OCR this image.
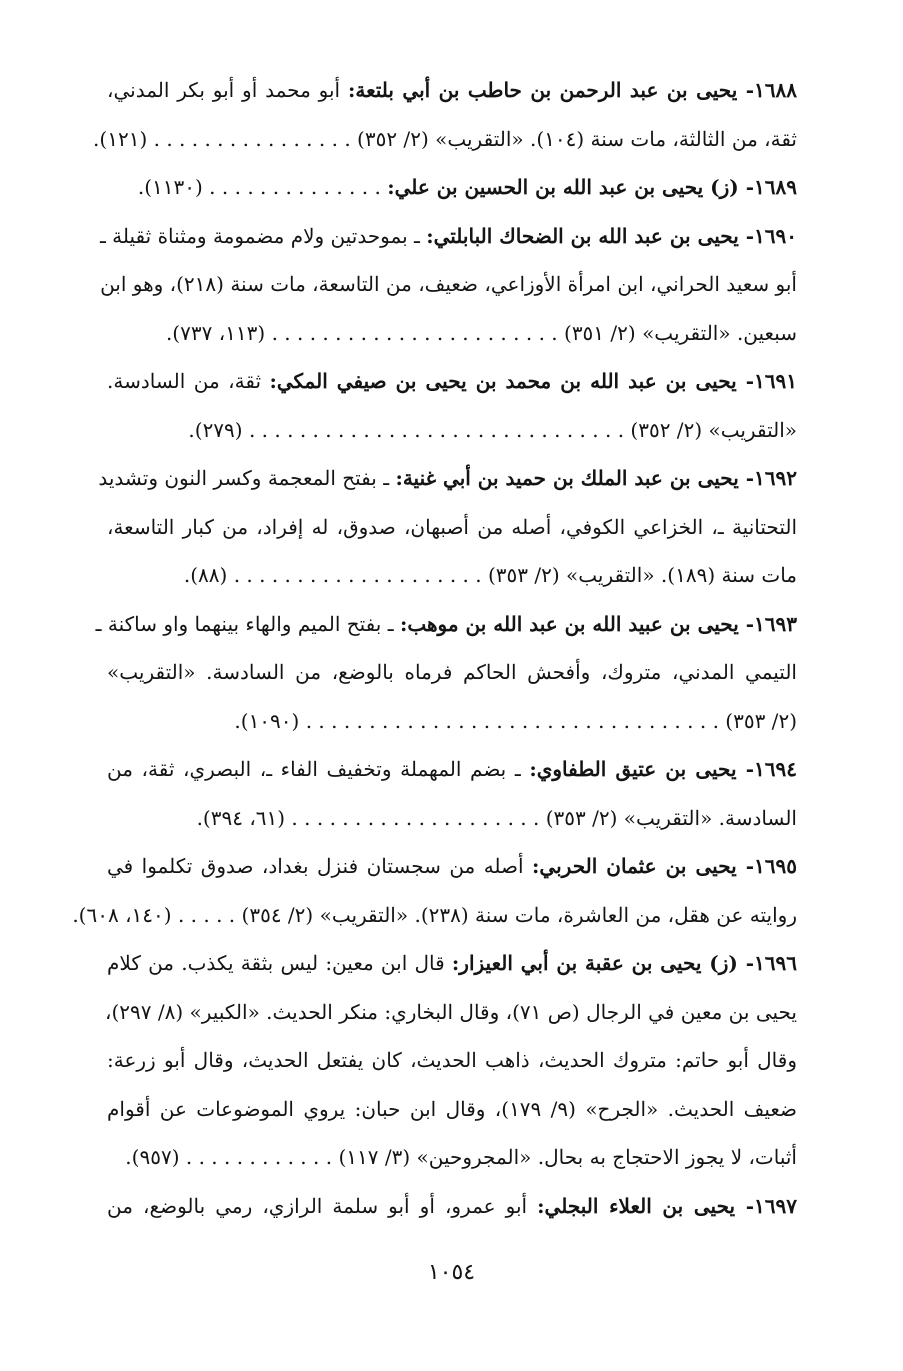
١٦٨٨- يحيى بن عبد الرحمن بن حاطب بن أبي بلتعة: أبو محمد أو أبو بكر المدني،
ثقة، من الثالثة، مات سنة (١٠٤). «التقريب» (٢/ ٣٥٢) . . . . . . . . . . . . . . . . (١٢١).
١٦٨٩- (ز) يحيى بن عبد الله بن الحسين بن علي: . . . . . . . . . . . . . . (١١٣٠).
١٦٩٠- يحيى بن عبد الله بن الضحاك البابلتي: ـ بموحدتين ولام مضمومة ومثناة ثقيلة ـ
أبو سعيد الحراني، ابن امرأة الأوزاعي، ضعيف، من التاسعة، مات سنة (٢١٨)، وهو ابن
سبعين. «التقريب» (٢/ ٣٥١) . . . . . . . . . . . . . . . . . . . . . . . (١١٣، ٧٣٧).
١٦٩١- يحيى بن عبد الله بن محمد بن يحيى بن صيفي المكي: ثقة، من السادسة.
«التقريب» (٢/ ٣٥٢) . . . . . . . . . . . . . . . . . . . . . . . . . . . . . . (٢٧٩).
١٦٩٢- يحيى بن عبد الملك بن حميد بن أبي غنية: ـ بفتح المعجمة وكسر النون وتشديد
التحتانية ـ، الخزاعي الكوفي، أصله من أصبهان، صدوق، له إفراد، من كبار التاسعة،
مات سنة (١٨٩). «التقريب» (٢/ ٣٥٣) . . . . . . . . . . . . . . . . . . . . (٨٨).
١٦٩٣- يحيى بن عبيد الله بن عبد الله بن موهب: ـ بفتح الميم والهاء بينهما واو ساكنة ـ
التيمي المدني، متروك، وأفحش الحاكم فرماه بالوضع، من السادسة. «التقريب»
(٢/ ٣٥٣) . . . . . . . . . . . . . . . . . . . . . . . . . . . . . . . . . (١٠٩٠).
١٦٩٤- يحيى بن عتيق الطفاوي: ـ بضم المهملة وتخفيف الفاء ـ، البصري، ثقة، من
السادسة. «التقريب» (٢/ ٣٥٣) . . . . . . . . . . . . . . . . . . . . (٦١، ٣٩٤).
١٦٩٥- يحيى بن عثمان الحربي: أصله من سجستان فنزل بغداد، صدوق تكلموا في
روايته عن هقل، من العاشرة، مات سنة (٢٣٨). «التقريب» (٢/ ٣٥٤) . . . . . (١٤٠، ٦٠٨).
١٦٩٦- (ز) يحيى بن عقبة بن أبي العيزار: قال ابن معين: ليس بثقة يكذب. من كلام
يحيى بن معين في الرجال (ص ٧١)، وقال البخاري: منكر الحديث. «الكبير» (٨/ ٢٩٧)،
وقال أبو حاتم: متروك الحديث، ذاهب الحديث، كان يفتعل الحديث، وقال أبو زرعة:
ضعيف الحديث. «الجرح» (٩/ ١٧٩)، وقال ابن حبان: يروي الموضوعات عن أقوام
أثبات، لا يجوز الاحتجاج به بحال. «المجروحين» (٣/ ١١٧) . . . . . . . . . . . . (٩٥٧).
١٦٩٧- يحيى بن العلاء البجلي: أبو عمرو، أو أبو سلمة الرازي، رمي بالوضع، من
١٠٥٤
